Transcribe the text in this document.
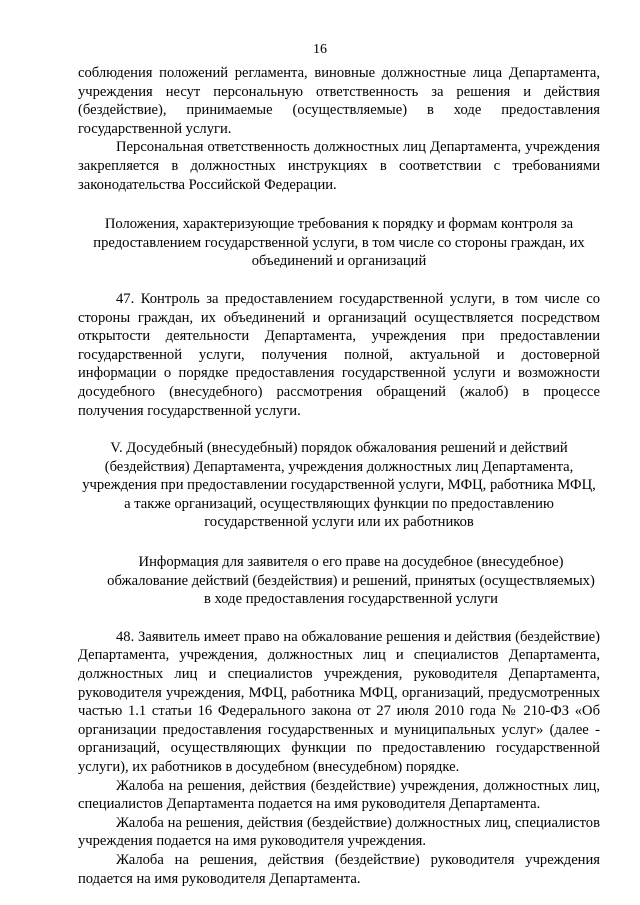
16

соблюдения положений регламента, виновные должностные лица Департамента, учреждения несут персональную ответственность за решения и действия (бездействие), принимаемые (осуществляемые) в ходе предоставления государственной услуги.

Персональная ответственность должностных лиц Департамента, учреждения закрепляется в должностных инструкциях в соответствии с требованиями законодательства Российской Федерации.

Положения, характеризующие требования к порядку и формам контроля за предоставлением государственной услуги, в том числе со стороны граждан, их объединений и организаций

47. Контроль за предоставлением государственной услуги, в том числе со стороны граждан, их объединений и организаций осуществляется посредством открытости деятельности Департамента, учреждения при предоставлении государственной услуги, получения полной, актуальной и достоверной информации о порядке предоставления государственной услуги и возможности досудебного (внесудебного) рассмотрения обращений (жалоб) в процессе получения государственной услуги.

V. Досудебный (внесудебный) порядок обжалования решений и действий (бездействия) Департамента, учреждения должностных лиц Департамента, учреждения при предоставлении государственной услуги, МФЦ, работника МФЦ, а также организаций, осуществляющих функции по предоставлению государственной услуги или их работников

Информация для заявителя о его праве на досудебное (внесудебное) обжалование действий (бездействия) и решений, принятых (осуществляемых) в ходе предоставления государственной услуги

48. Заявитель имеет право на обжалование решения и действия (бездействие) Департамента, учреждения, должностных лиц и специалистов Департамента, должностных лиц и специалистов учреждения, руководителя Департамента, руководителя учреждения, МФЦ, работника МФЦ, организаций, предусмотренных частью 1.1 статьи 16 Федерального закона от 27 июля 2010 года № 210-ФЗ «Об организации предоставления государственных и муниципальных услуг» (далее - организаций, осуществляющих функции по предоставлению государственной услуги), их работников в досудебном (внесудебном) порядке.

Жалоба на решения, действия (бездействие) учреждения, должностных лиц, специалистов Департамента подается на имя руководителя Департамента.

Жалоба на решения, действия (бездействие) должностных лиц, специалистов учреждения подается на имя руководителя учреждения.

Жалоба на решения, действия (бездействие) руководителя учреждения подается на имя руководителя Департамента.
